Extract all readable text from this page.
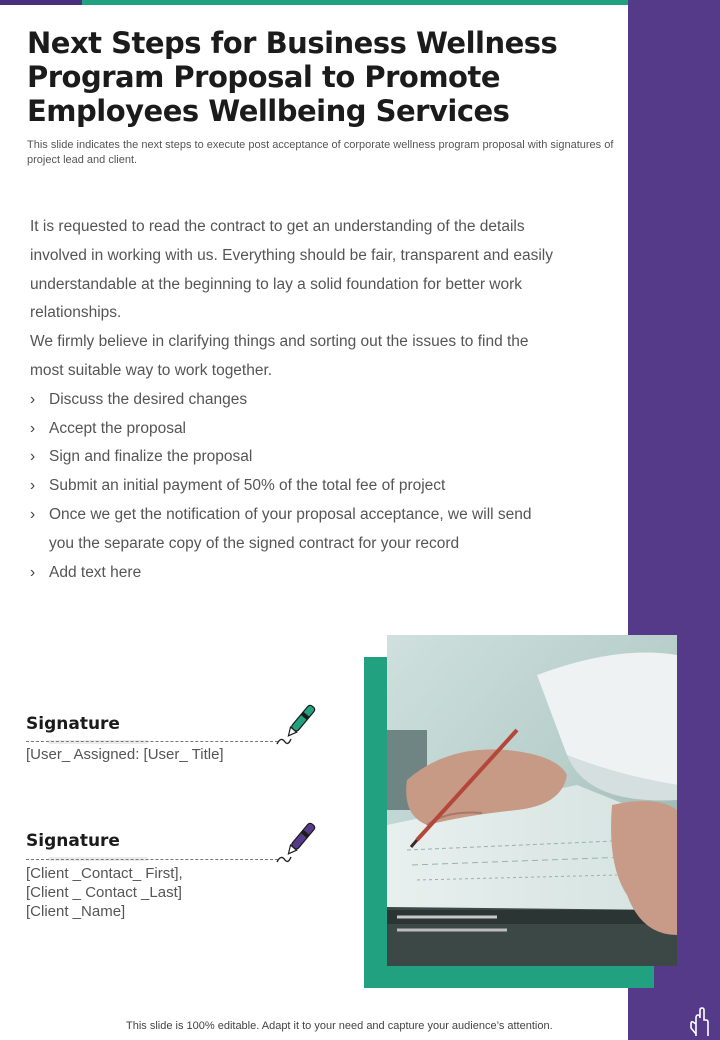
Next Steps for Business Wellness Program Proposal to Promote Employees Wellbeing Services

This slide indicates the next steps to execute post acceptance of corporate wellness program proposal with signatures of project lead and client.

It is requested to read the contract to get an understanding of the details involved in working with us. Everything should be fair, transparent and easily understandable at the beginning to lay a solid foundation for better work relationships.
We firmly believe in clarifying things and sorting out the issues to find the most suitable way to work together.
› Discuss the desired changes
› Accept the proposal
› Sign and finalize the proposal
› Submit an initial payment of 50% of the total fee of project
› Once we get the notification of your proposal acceptance, we will send you the separate copy of the signed contract for your record
› Add text here
Signature
[User_ Assigned: [User_ Title]
Signature
[Client _Contact_ First],
[Client _ Contact _Last]
[Client _Name]
This slide is 100% editable. Adapt it to your need and capture your audience’s attention.
